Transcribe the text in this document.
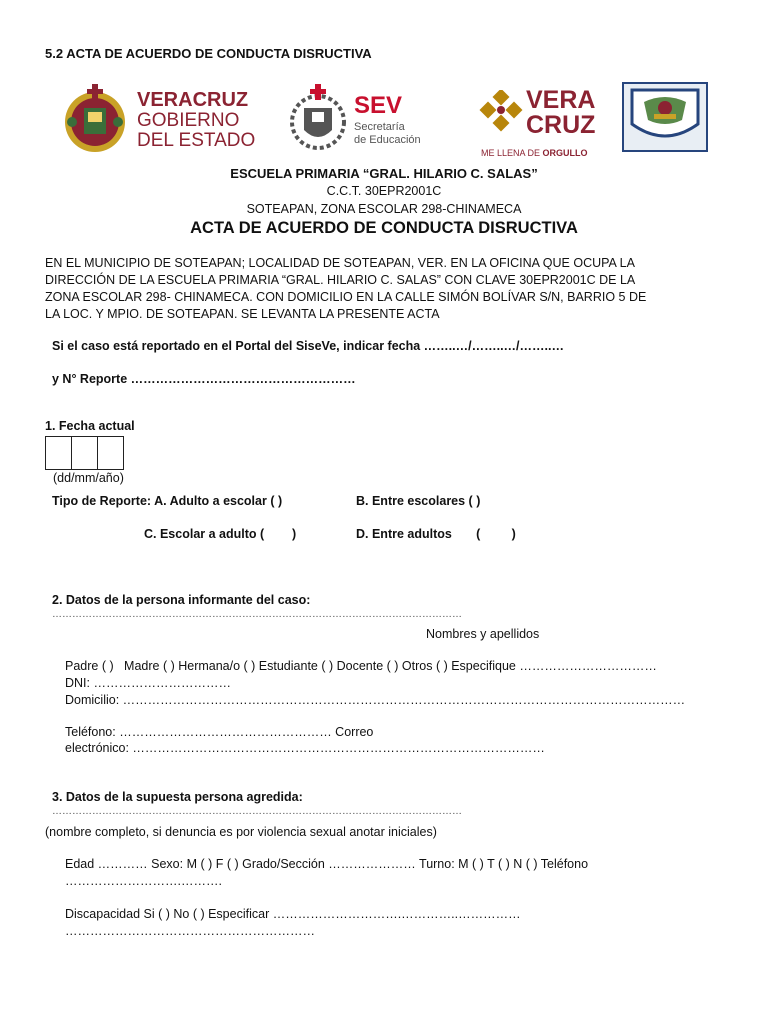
5.2 ACTA DE ACUERDO DE CONDUCTA DISRUCTIVA
VERACRUZ
GOBIERNO
DEL ESTADO
SEV
Secretaría
de Educación
VERA
CRUZ
ME LLENA DE ORGULLO
ESCUELA PRIMARIA “GRAL. HILARIO C. SALAS”
C.C.T. 30EPR2001C
SOTEAPAN, ZONA ESCOLAR 298-CHINAMECA
ACTA DE ACUERDO DE CONDUCTA DISRUCTIVA
EN EL MUNICIPIO DE SOTEAPAN; LOCALIDAD DE SOTEAPAN, VER. EN LA OFICINA QUE OCUPA LA
DIRECCIÓN DE LA ESCUELA PRIMARIA “GRAL. HILARIO C. SALAS” CON CLAVE 30EPR2001C DE LA
ZONA ESCOLAR 298- CHINAMECA. CON DOMICILIO EN LA CALLE SIMÓN BOLÍVAR S/N, BARRIO 5 DE
LA LOC. Y MPIO. DE SOTEAPAN. SE LEVANTA LA PRESENTE ACTA
Si el caso está reportado en el Portal del SiseVe, indicar fecha ……..…/……..…/……..…
y N° Reporte ………………………………………………
1. Fecha actual
(dd/mm/año)
Tipo de Reporte: A. Adulto a escolar ( )	B. Entre escolares ( )
C. Escolar a adulto (        )	D. Entre adultos       (         )
2. Datos de la persona informante del caso:
……………………………………………………………………………………………………………
Nombres y apellidos
Padre ( )   Madre ( ) Hermana/o ( ) Estudiante ( ) Docente ( ) Otros ( ) Especifique ……………………………
DNI: ……………………………
Domicilio: ………………………………………………………………………………………………………………………
Teléfono: …………………………………………… Correo
electrónico: ………………………………………………………………………………………
3. Datos de la supuesta persona agredida:
……………………………………………………………………………………………………………
(nombre completo, si denuncia es por violencia sexual anotar iniciales)
Edad ………… Sexo: M ( ) F ( ) Grado/Sección ………………… Turno: M ( ) T ( ) N ( ) Teléfono
……………………….……….
Discapacidad Si ( ) No ( ) Especificar ………………………….…………..……………
……………………………………………………
